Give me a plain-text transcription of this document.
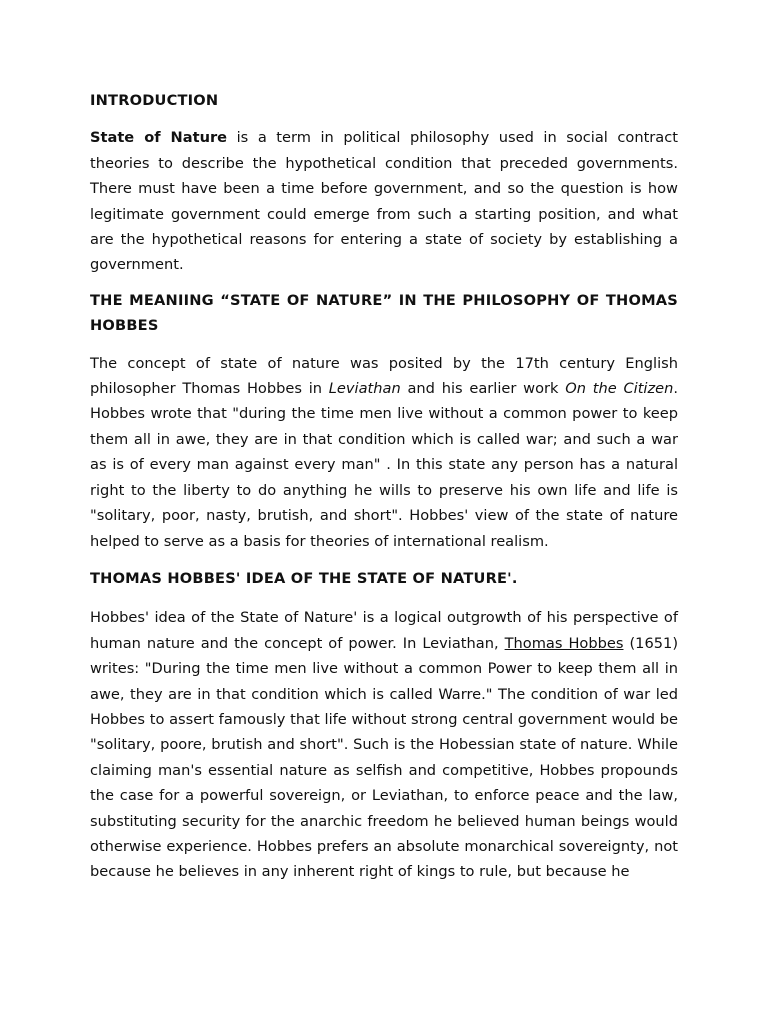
INTRODUCTION

State of Nature is a term in political philosophy used in social contract theories to describe the hypothetical condition that preceded governments. There must have been a time before government, and so the question is how legitimate government could emerge from such a starting position, and what are the hypothetical reasons for entering a state of society by establishing a government.

THE MEANIING “STATE OF NATURE” IN THE PHILOSOPHY OF THOMAS HOBBES

The concept of state of nature was posited by the 17th century English philosopher Thomas Hobbes in Leviathan and his earlier work On the Citizen. Hobbes wrote that "during the time men live without a common power to keep them all in awe, they are in that condition which is called war; and such a war as is of every man against every man" . In this state any person has a natural right to the liberty to do anything he wills to preserve his own life and life is "solitary, poor, nasty, brutish, and short". Hobbes' view of the state of nature helped to serve as a basis for theories of international realism.

THOMAS HOBBES' IDEA OF THE STATE OF NATURE'.

Hobbes' idea of the State of Nature' is a logical outgrowth of his perspective of human nature and the concept of power. In Leviathan, Thomas Hobbes (1651) writes: "During the time men live without a common Power to keep them all in awe, they are in that condition which is called Warre." The condition of war led Hobbes to assert famously that life without strong central government would be "solitary, poore, brutish and short". Such is the Hobessian state of nature. While claiming man's essential nature as selfish and competitive, Hobbes propounds the case for a powerful sovereign, or Leviathan, to enforce peace and the law, substituting security for the anarchic freedom he believed human beings would otherwise experience. Hobbes prefers an absolute monarchical sovereignty, not because he believes in any inherent right of kings to rule, but because he
